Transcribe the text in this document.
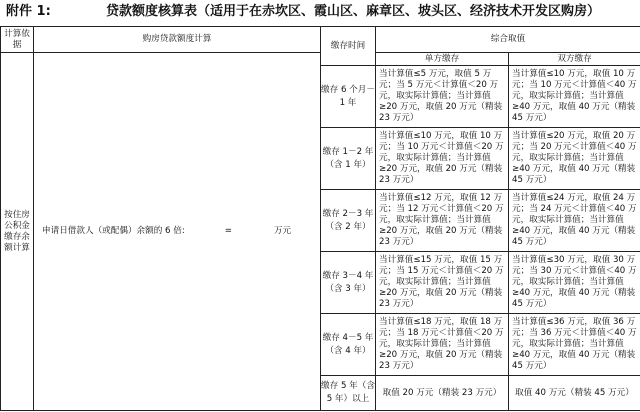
附件 1:	贷款额度核算表（适用于在赤坎区、霞山区、麻章区、坡头区、经济技术开发区购房）
计算依据	购房贷款额度计算	缴存时间	综合取值	
按住房公积金缴存余额计算	申请日借款人（或配偶）余额的 6 倍: = 万元		单方缴存	双方缴存
		缴存 6 个月－1 年	当计算值≤5 万元，取值 5 万元；当 5 万元＜计算值＜20 万元，取实际计算值；当计算值≥20 万元，取值 20 万元（精装 23 万元）	当计算值≤10 万元，取值 10 万元；当 10 万元＜计算值＜40 万元，取实际计算值；当计算值≥40 万元，取值 40 万元（精装 45 万元）
		缴存 1－2 年（含 1 年）	当计算值≤10 万元，取值 10 万元；当 10 万元＜计算值＜20 万元，取实际计算值；当计算值≥20 万元，取值 20 万元（精装 23 万元）	当计算值≤20 万元，取值 20 万元；当 20 万元＜计算值＜40 万元，取实际计算值；当计算值≥40 万元，取值 40 万元（精装 45 万元）
		缴存 2－3 年（含 2 年）	当计算值≤12 万元，取值 12 万元；当 12 万元＜计算值＜20 万元，取实际计算值；当计算值≥20 万元，取值 20 万元（精装 23 万元）	当计算值≤24 万元，取值 24 万元；当 24 万元＜计算值＜40 万元，取实际计算值；当计算值≥40 万元，取值 40 万元（精装 45 万元）
		缴存 3－4 年（含 3 年）	当计算值≤15 万元，取值 15 万元；当 15 万元＜计算值＜20 万元，取实际计算值；当计算值≥20 万元，取值 20 万元（精装 23 万元）	当计算值≤30 万元，取值 30 万元；当 30 万元＜计算值＜40 万元，取实际计算值；当计算值≥40 万元，取值 40 万元（精装 45 万元）
		缴存 4－5 年（含 4 年）	当计算值≤18 万元，取值 18 万元；当 18 万元＜计算值＜20 万元，取实际计算值；当计算值≥20 万元，取值 20 万元（精装 23 万元）	当计算值≤36 万元，取值 36 万元；当 36 万元＜计算值＜40 万元，取实际计算值；当计算值≥40 万元，取值 40 万元（精装 45 万元）
		缴存 5 年（含 5 年）以上	取值 20 万元（精装 23 万元）	取值 40 万元（精装 45 万元）
